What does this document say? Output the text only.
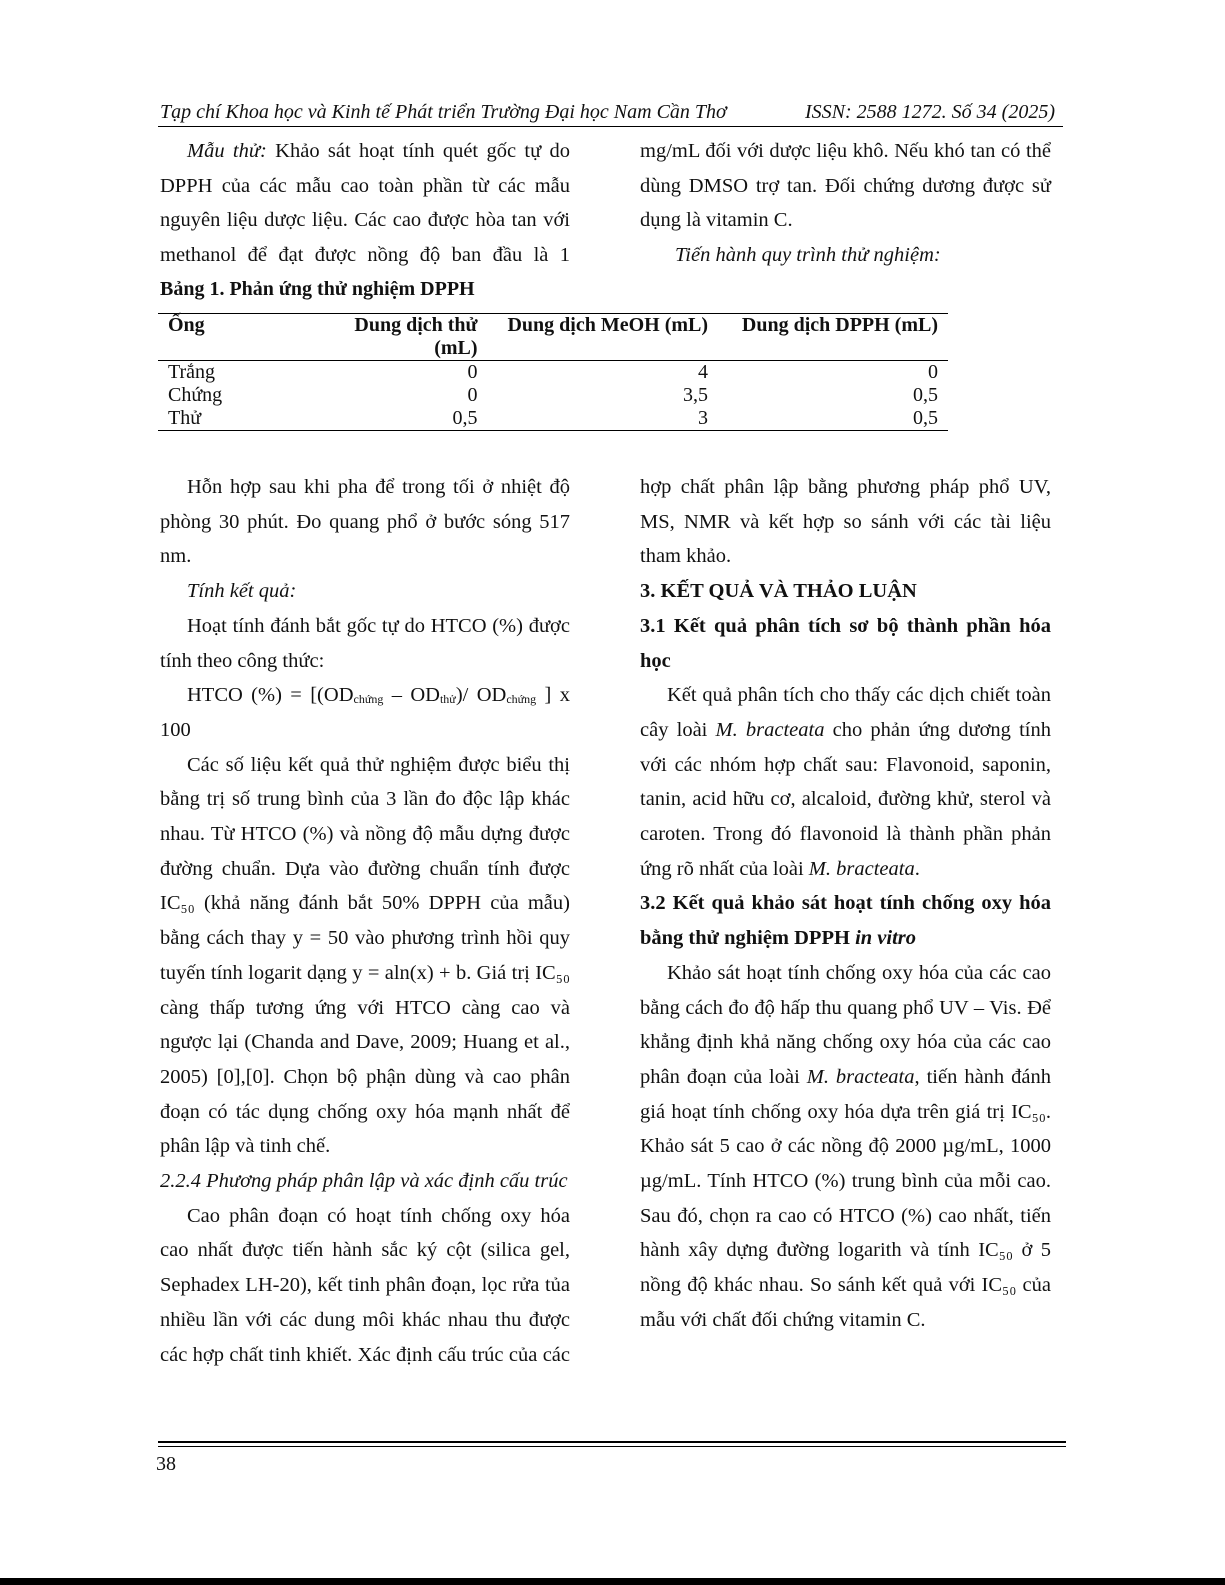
Tạp chí Khoa học và Kinh tế Phát triển Trường Đại học Nam Cần Thơ	ISSN: 2588 1272. Số 34 (2025)

Mẫu thử: Khảo sát hoạt tính quét gốc tự do DPPH của các mẫu cao toàn phần từ các mẫu nguyên liệu dược liệu. Các cao được hòa tan với methanol để đạt được nồng độ ban đầu là 1

mg/mL đối với dược liệu khô. Nếu khó tan có thể dùng DMSO trợ tan. Đối chứng dương được sử dụng là vitamin C.

Tiến hành quy trình thử nghiệm:

Bảng 1. Phản ứng thử nghiệm DPPH
Ống	Dung dịch thử (mL)	Dung dịch MeOH (mL)	Dung dịch DPPH (mL)
Trắng	0	4	0
Chứng	0	3,5	0,5
Thử	0,5	3	0,5

Hỗn hợp sau khi pha để trong tối ở nhiệt độ phòng 30 phút. Đo quang phổ ở bước sóng 517 nm.

Tính kết quả:

Hoạt tính đánh bắt gốc tự do HTCO (%) được tính theo công thức:

HTCO (%) = [$(OD_{chứng} - OD_{thử})/$ $OD_{chứng}$ ] x 100

Các số liệu kết quả thử nghiệm được biểu thị bằng trị số trung bình của 3 lần đo độc lập khác nhau. Từ HTCO (%) và nồng độ mẫu dựng được đường chuẩn. Dựa vào đường chuẩn tính được IC₅₀ (khả năng đánh bắt 50% DPPH của mẫu) bằng cách thay y = 50 vào phương trình hồi quy tuyến tính logarit dạng y = aln(x) + b. Giá trị IC₅₀ càng thấp tương ứng với HTCO càng cao và ngược lại (Chanda and Dave, 2009; Huang et al., 2005) [0],[0]. Chọn bộ phận dùng và cao phân đoạn có tác dụng chống oxy hóa mạnh nhất để phân lập và tinh chế.

2.2.4 Phương pháp phân lập và xác định cấu trúc

Cao phân đoạn có hoạt tính chống oxy hóa cao nhất được tiến hành sắc ký cột (silica gel, Sephadex LH-20), kết tinh phân đoạn, lọc rửa tủa nhiều lần với các dung môi khác nhau thu được các hợp chất tinh khiết. Xác định cấu trúc của các

hợp chất phân lập bằng phương pháp phổ UV, MS, NMR và kết hợp so sánh với các tài liệu tham khảo.

3. KẾT QUẢ VÀ THẢO LUẬN

3.1 Kết quả phân tích sơ bộ thành phần hóa học

Kết quả phân tích cho thấy các dịch chiết toàn cây loài M. bracteata cho phản ứng dương tính với các nhóm hợp chất sau: Flavonoid, saponin, tanin, acid hữu cơ, alcaloid, đường khử, sterol và caroten. Trong đó flavonoid là thành phần phản ứng rõ nhất của loài M. bracteata.

3.2 Kết quả khảo sát hoạt tính chống oxy hóa bằng thử nghiệm DPPH in vitro

Khảo sát hoạt tính chống oxy hóa của các cao bằng cách đo độ hấp thu quang phổ UV – Vis. Để khẳng định khả năng chống oxy hóa của các cao phân đoạn của loài M. bracteata, tiến hành đánh giá hoạt tính chống oxy hóa dựa trên giá trị IC₅₀. Khảo sát 5 cao ở các nồng độ 2000 µg/mL, 1000 µg/mL. Tính HTCO (%) trung bình của mỗi cao. Sau đó, chọn ra cao có HTCO (%) cao nhất, tiến hành xây dựng đường logarith và tính IC₅₀ ở 5 nồng độ khác nhau. So sánh kết quả với IC₅₀ của mẫu với chất đối chứng vitamin C.

38
